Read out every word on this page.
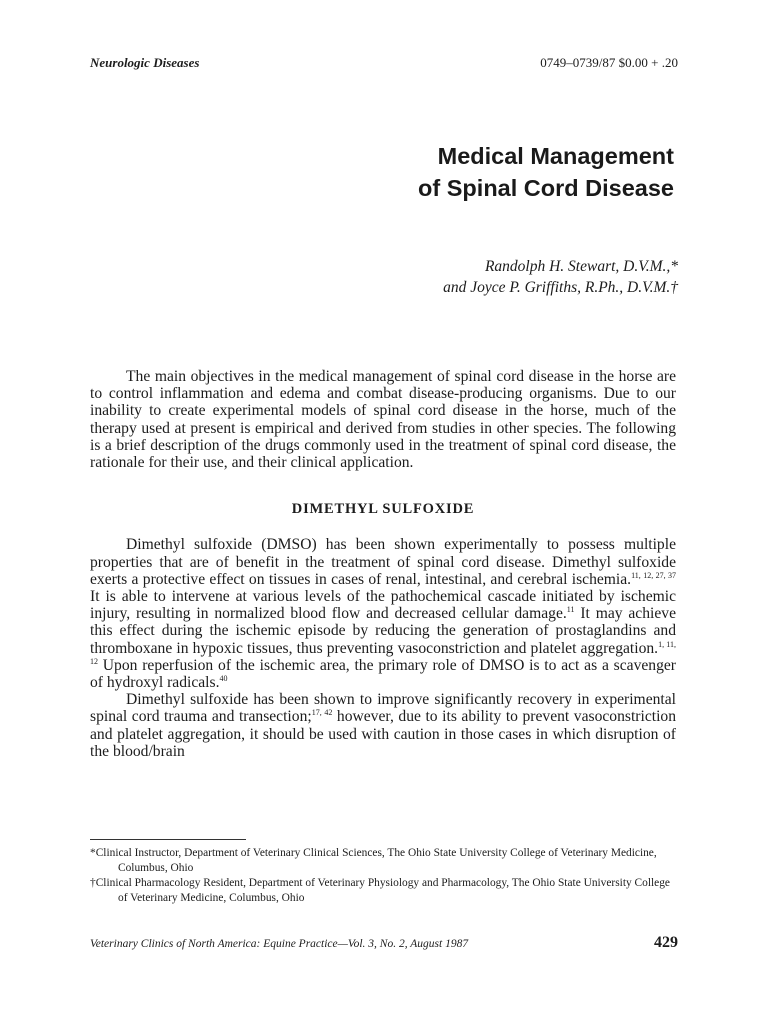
Neurologic Diseases	0749–0739/87 $0.00 + .20
Medical Management
of Spinal Cord Disease
Randolph H. Stewart, D.V.M.,*
and Joyce P. Griffiths, R.Ph., D.V.M.†

The main objectives in the medical management of spinal cord disease in the horse are to control inflammation and edema and combat disease-producing organisms. Due to our inability to create experimental models of spinal cord disease in the horse, much of the therapy used at present is empirical and derived from studies in other species. The following is a brief description of the drugs commonly used in the treatment of spinal cord disease, the rationale for their use, and their clinical application.

DIMETHYL SULFOXIDE

Dimethyl sulfoxide (DMSO) has been shown experimentally to possess multiple properties that are of benefit in the treatment of spinal cord disease. Dimethyl sulfoxide exerts a protective effect on tissues in cases of renal, intestinal, and cerebral ischemia.$^{11, 12, 27, 37}$ It is able to intervene at various levels of the pathochemical cascade initiated by ischemic injury, resulting in normalized blood flow and decreased cellular damage.$^{11}$ It may achieve this effect during the ischemic episode by reducing the generation of prostaglandins and thromboxane in hypoxic tissues, thus preventing vasoconstriction and platelet aggregation.$^{1, 11, 12}$ Upon reperfusion of the ischemic area, the primary role of DMSO is to act as a scavenger of hydroxyl radicals.$^{40}$

Dimethyl sulfoxide has been shown to improve significantly recovery in experimental spinal cord trauma and transection;$^{17, 42}$ however, due to its ability to prevent vasoconstriction and platelet aggregation, it should be used with caution in those cases in which disruption of the blood/brain

*Clinical Instructor, Department of Veterinary Clinical Sciences, The Ohio State University College of Veterinary Medicine, Columbus, Ohio
†Clinical Pharmacology Resident, Department of Veterinary Physiology and Pharmacology, The Ohio State University College of Veterinary Medicine, Columbus, Ohio
Veterinary Clinics of North America: Equine Practice—Vol. 3, No. 2, August 1987	429
